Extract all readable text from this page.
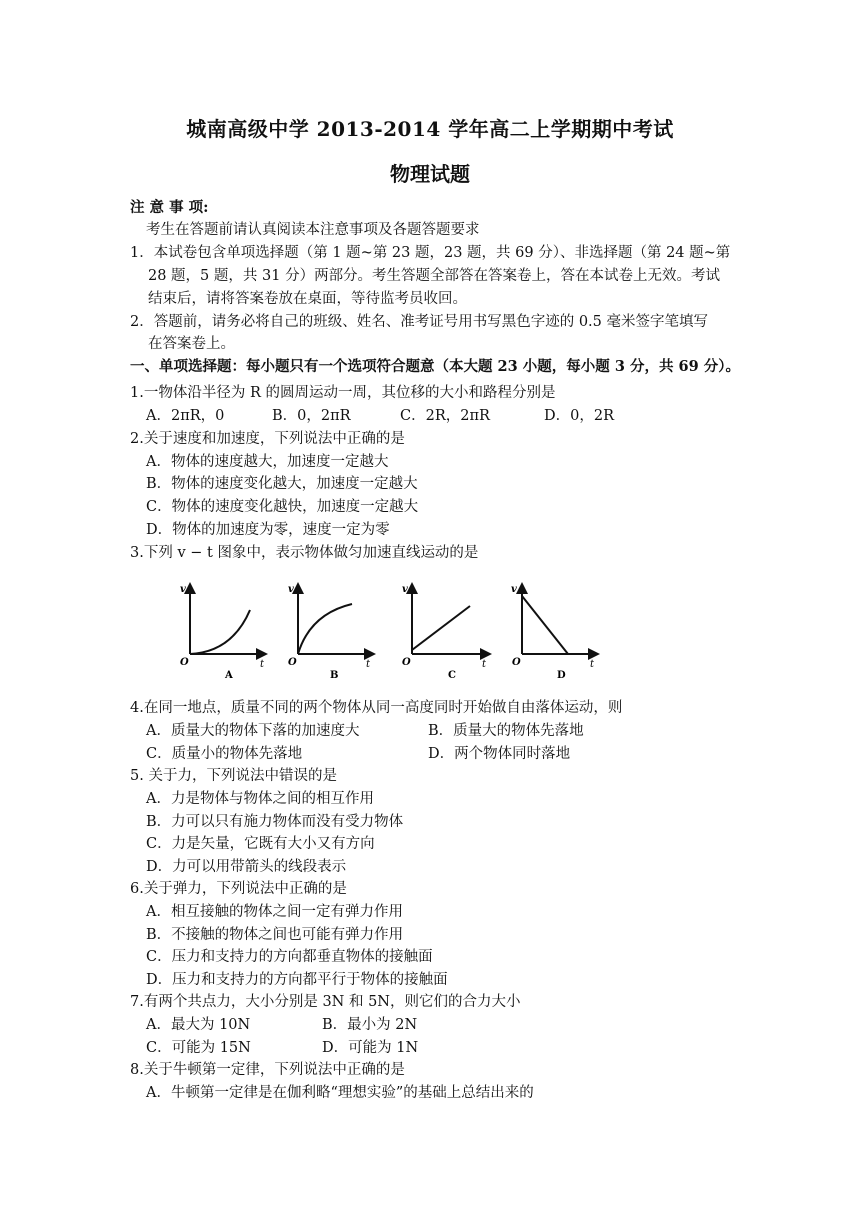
城南高级中学 2013-2014 学年高二上学期期中考试
物理试题
注 意 事 项:
考生在答题前请认真阅读本注意事项及各题答题要求
1．本试卷包含单项选择题（第 1 题~第 23 题，23 题，共 69 分）、非选择题（第 24 题~第
28 题，5 题，共 31 分）两部分。考生答题全部答在答案卷上，答在本试卷上无效。考试
结束后，请将答案卷放在桌面，等待监考员收回。
2．答题前，请务必将自己的班级、姓名、准考证号用书写黑色字迹的 0.5 毫米签字笔填写
在答案卷上。
一、单项选择题：每小题只有一个选项符合题意（本大题 23 小题，每小题 3 分，共 69 分）。
1.一物体沿半径为 R 的圆周运动一周，其位移的大小和路程分别是
A．2πR，0	B．0，2πR	C．2R，2πR	D．0，2R
2.关于速度和加速度，下列说法中正确的是
A．物体的速度越大，加速度一定越大
B．物体的速度变化越大，加速度一定越大
C．物体的速度变化越快，加速度一定越大
D．物体的加速度为零，速度一定为零
3.下列 v − t 图象中，表示物体做匀加速直线运动的是
v
t
O
A
v
t
O
B
v
t
O
C
v
t
O
D
4.在同一地点，质量不同的两个物体从同一高度同时开始做自由落体运动，则
A．质量大的物体下落的加速度大	B．质量大的物体先落地
C．质量小的物体先落地	D．两个物体同时落地
5. 关于力，下列说法中错误的是
A．力是物体与物体之间的相互作用
B．力可以只有施力物体而没有受力物体
C．力是矢量，它既有大小又有方向
D．力可以用带箭头的线段表示
6.关于弹力，下列说法中正确的是
A．相互接触的物体之间一定有弹力作用
B．不接触的物体之间也可能有弹力作用
C．压力和支持力的方向都垂直物体的接触面
D．压力和支持力的方向都平行于物体的接触面
7.有两个共点力，大小分别是 3N 和 5N，则它们的合力大小
A．最大为 10N	B．最小为 2N
C．可能为 15N	D．可能为 1N
8.关于牛顿第一定律，下列说法中正确的是
A．牛顿第一定律是在伽利略“理想实验”的基础上总结出来的
